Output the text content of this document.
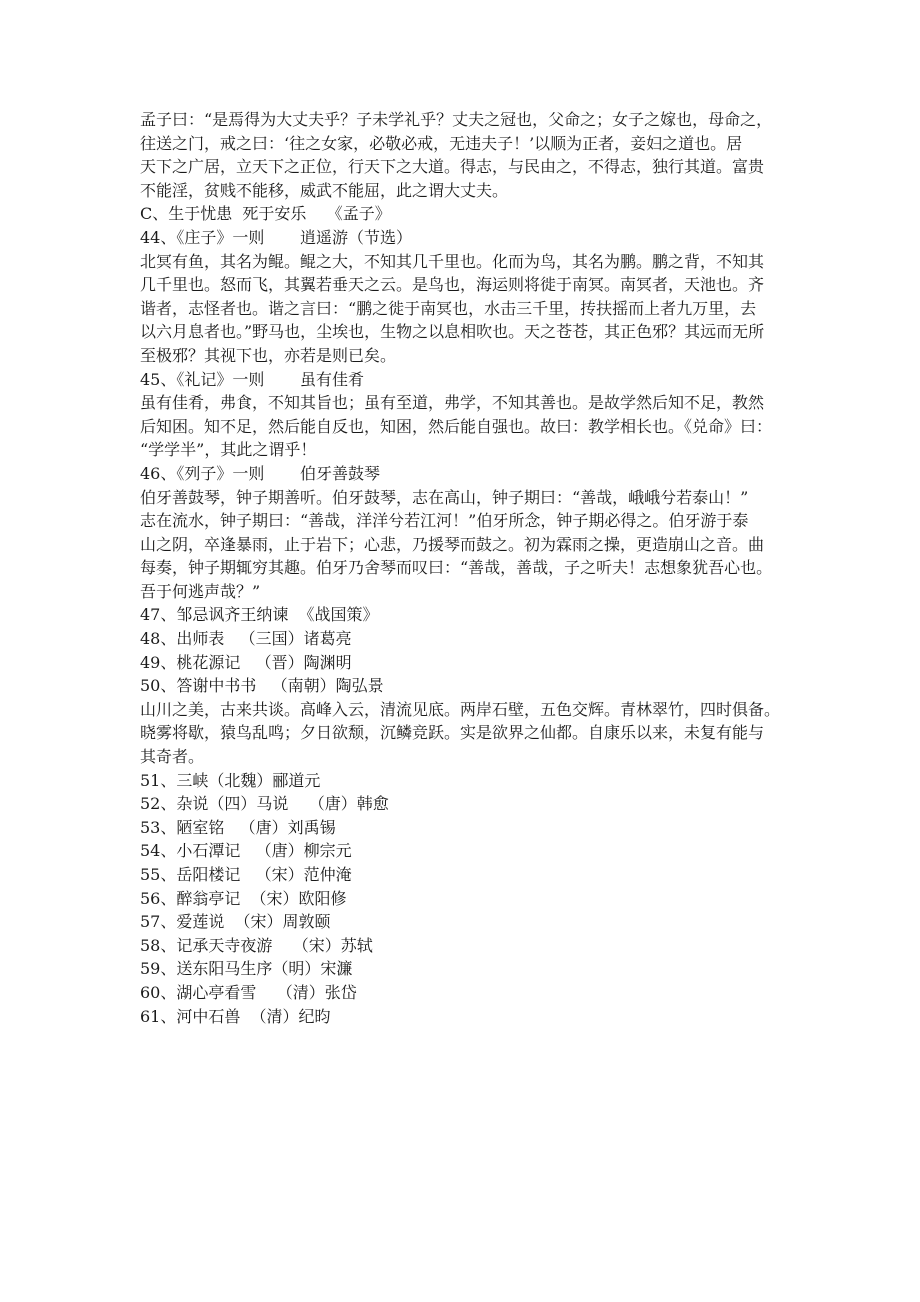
孟子曰：“是焉得为大丈夫乎？子未学礼乎？丈夫之冠也，父命之；女子之嫁也，母命之，
往送之门，戒之曰：‘往之女家，必敬必戒，无违夫子！’以顺为正者，妾妇之道也。居
天下之广居，立天下之正位，行天下之大道。得志，与民由之，不得志，独行其道。富贵
不能淫，贫贱不能移，威武不能屈，此之谓大丈夫。
C、生于忧患  死于安乐    《孟子》
44、《庄子》一则       逍遥游（节选）
北冥有鱼，其名为鲲。鲲之大，不知其几千里也。化而为鸟，其名为鹏。鹏之背，不知其
几千里也。怒而飞，其翼若垂天之云。是鸟也，海运则将徙于南冥。南冥者，天池也。齐
谐者，志怪者也。谐之言曰：“鹏之徙于南冥也，水击三千里，抟扶摇而上者九万里，去
以六月息者也。”野马也，尘埃也，生物之以息相吹也。天之苍苍，其正色邪？其远而无所
至极邪？其视下也，亦若是则已矣。
45、《礼记》一则       虽有佳肴
虽有佳肴，弗食，不知其旨也；虽有至道，弗学，不知其善也。是故学然后知不足，教然
后知困。知不足，然后能自反也，知困，然后能自强也。故曰：教学相长也。《兑命》曰：
“学学半”，其此之谓乎！
46、《列子》一则       伯牙善鼓琴
伯牙善鼓琴，钟子期善听。伯牙鼓琴，志在高山，钟子期曰：“善哉，峨峨兮若泰山！”
志在流水，钟子期曰：“善哉，洋洋兮若江河！”伯牙所念，钟子期必得之。伯牙游于泰
山之阴，卒逢暴雨，止于岩下；心悲，乃援琴而鼓之。初为霖雨之操，更造崩山之音。曲
每奏，钟子期辄穷其趣。伯牙乃舍琴而叹曰：“善哉，善哉，子之听夫！志想象犹吾心也。
吾于何逃声哉？”
47、邹忌讽齐王纳谏  《战国策》
48、出师表   （三国）诸葛亮
49、桃花源记   （晋）陶渊明
50、答谢中书书   （南朝）陶弘景
山川之美，古来共谈。高峰入云，清流见底。两岸石壁，五色交辉。青林翠竹，四时俱备。
晓雾将歇，猿鸟乱鸣；夕日欲颓，沉鳞竞跃。实是欲界之仙都。自康乐以来，未复有能与
其奇者。
51、三峡（北魏）郦道元
52、杂说（四）马说    （唐）韩愈
53、陋室铭   （唐）刘禹锡
54、小石潭记   （唐）柳宗元
55、岳阳楼记   （宋）范仲淹
56、醉翁亭记  （宋）欧阳修
57、爱莲说  （宋）周敦颐
58、记承天寺夜游    （宋）苏轼
59、送东阳马生序（明）宋濂
60、湖心亭看雪    （清）张岱
61、河中石兽  （清）纪昀
